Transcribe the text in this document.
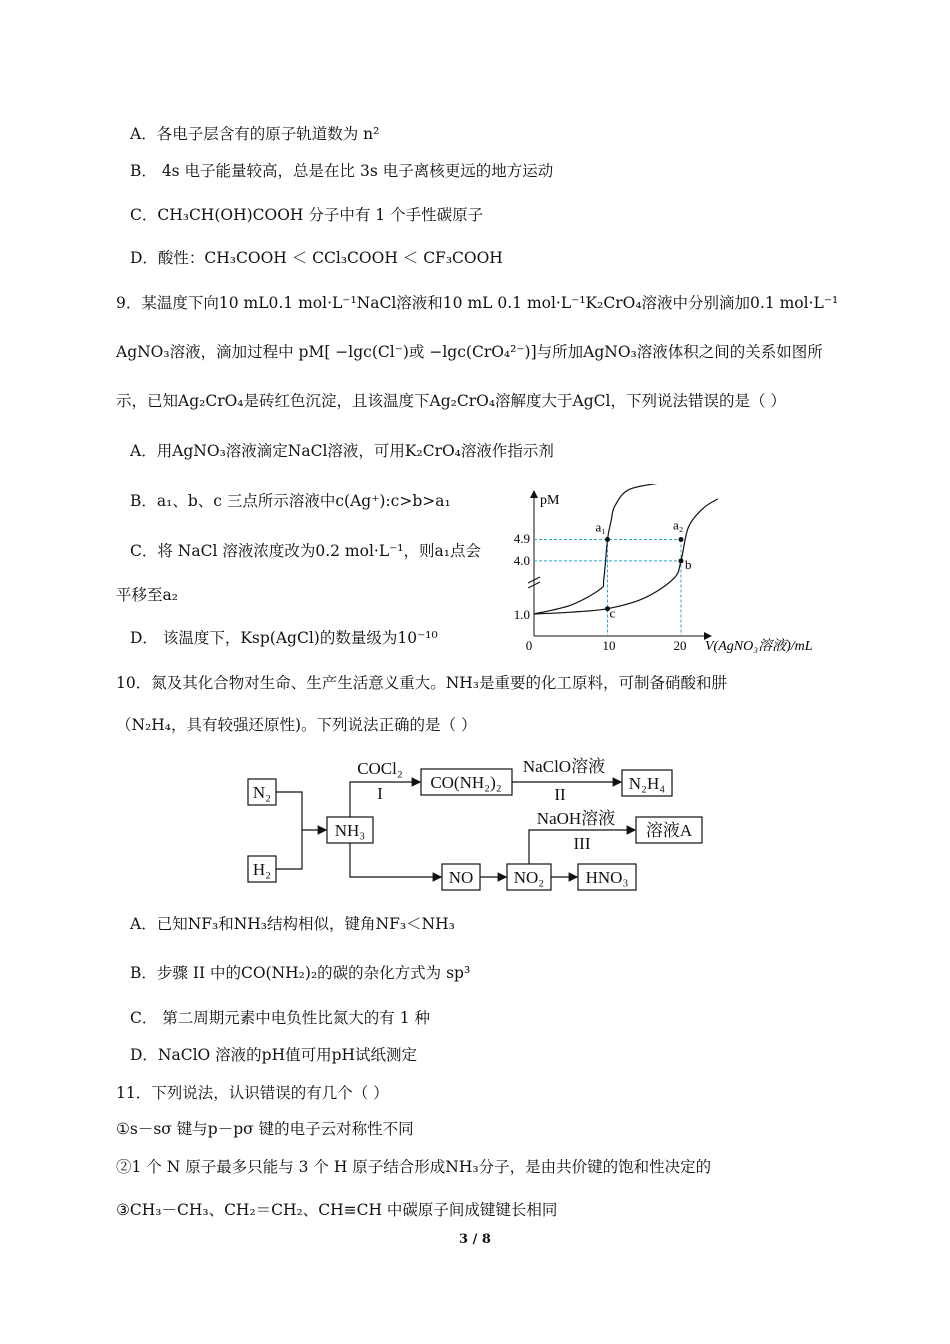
A．各电子层含有的原子轨道数为 n²
B． 4s 电子能量较高，总是在比 3s 电子离核更远的地方运动
C．CH₃CH(OH)COOH 分子中有 1 个手性碳原子
D．酸性：CH₃COOH ＜ CCl₃COOH ＜ CF₃COOH
9．某温度下向10 mL0.1 mol·L⁻¹NaCl溶液和10 mL 0.1 mol·L⁻¹K₂CrO₄溶液中分别滴加0.1 mol·L⁻¹
AgNO₃溶液，滴加过程中 pM[ −lgc(Cl⁻)或 −lgc(CrO₄²⁻)]与所加AgNO₃溶液体积之间的关系如图所
示，已知Ag₂CrO₄是砖红色沉淀，且该温度下Ag₂CrO₄溶解度大于AgCl，下列说法错误的是（ ）
A．用AgNO₃溶液滴定NaCl溶液，可用K₂CrO₄溶液作指示剂
B．a₁、b、c 三点所示溶液中c(Ag⁺):c>b>a₁
C．将 NaCl 溶液浓度改为0.2 mol·L⁻¹，则a₁点会
平移至a₂
D． 该温度下，Ksp(AgCl)的数量级为10⁻¹⁰
pM
V(AgNO₃溶液)/mL
0	10	20
1.0
4.0
4.9
a₁	a₂
b
c
10．氮及其化合物对生命、生产生活意义重大。NH₃是重要的化工原料，可制备硝酸和肼
（N₂H₄，具有较强还原性)。下列说法正确的是（ ）
N₂
H₂
NH₃
CO(NH₂)₂	N₂H₄
NO NO₂ HNO₃
溶液A
COCl₂
I
NaClO溶液
II
NaOH溶液
III
A．已知NF₃和NH₃结构相似，键角NF₃＜NH₃
B．步骤 II 中的CO(NH₂)₂的碳的杂化方式为 sp³
C． 第二周期元素中电负性比氮大的有 1 种
D．NaClO 溶液的pH值可用pH试纸测定
11．下列说法，认识错误的有几个（ ）
①s－sσ 键与p－pσ 键的电子云对称性不同
②1 个 N 原子最多只能与 3 个 H 原子结合形成NH₃分子，是由共价键的饱和性决定的
③CH₃－CH₃、CH₂＝CH₂、CH≡CH 中碳原子间成键键长相同
3 / 8
